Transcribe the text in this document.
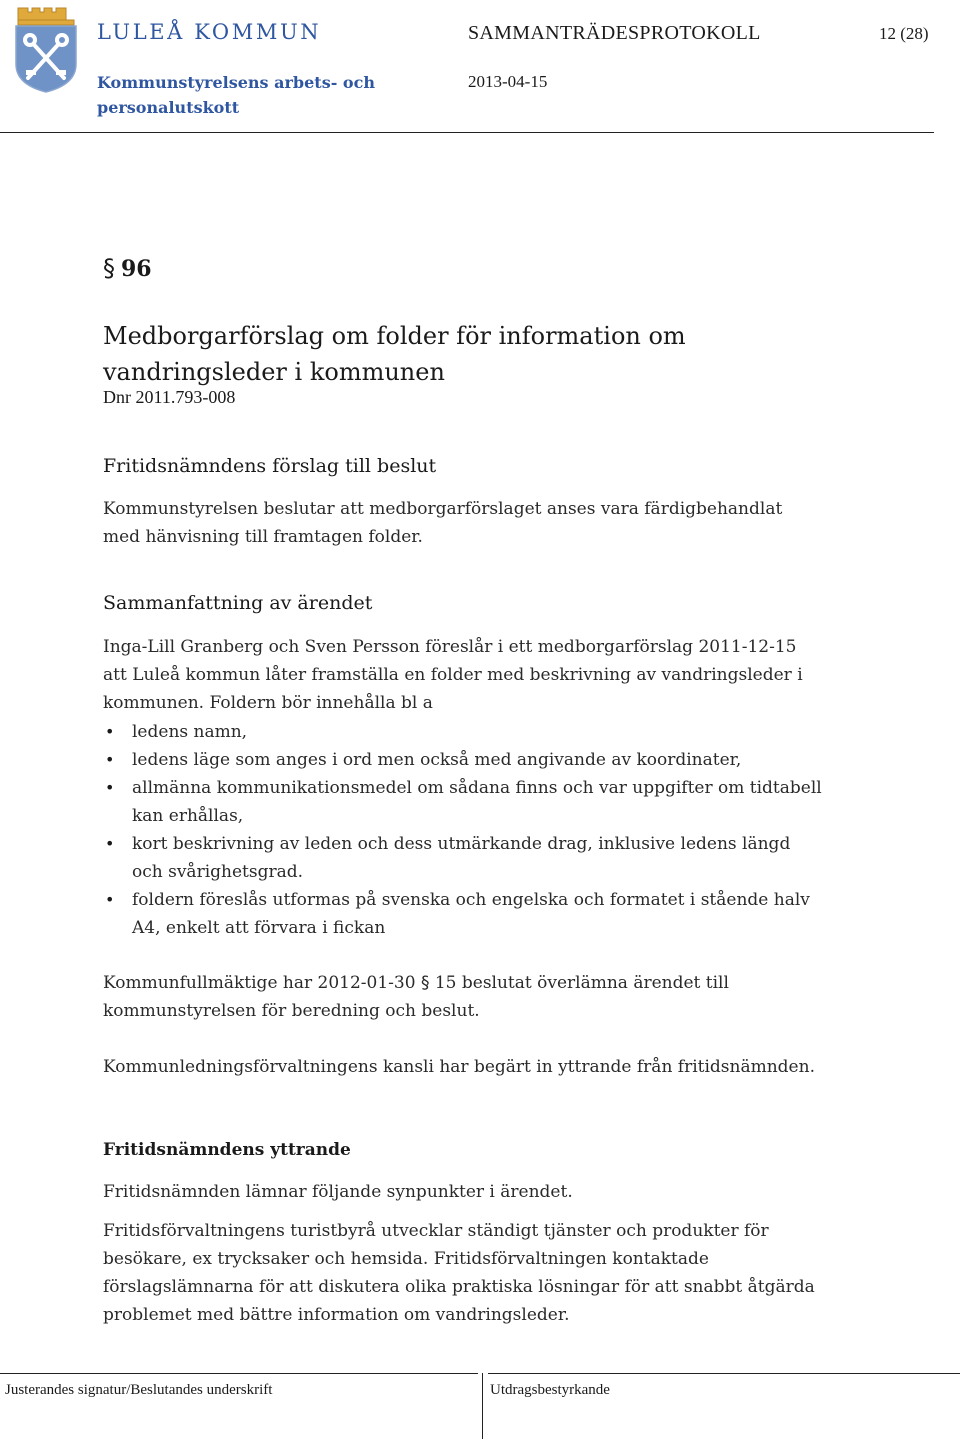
LULEÅ KOMMUN
Kommunstyrelsens arbets- och
personalutskott
SAMMANTRÄDESPROTOKOLL	12 (28)
2013-04-15
§ 96
Medborgarförslag om folder för information om vandringsleder i kommunen
Dnr 2011.793-008
Fritidsnämndens förslag till beslut

Kommunstyrelsen beslutar att medborgarförslaget anses vara färdigbehandlat med hänvisning till framtagen folder.

Sammanfattning av ärendet

Inga-Lill Granberg och Sven Persson föreslår i ett medborgarförslag 2011-12-15 att Luleå kommun låter framställa en folder med beskrivning av vandringsleder i kommunen. Foldern bör innehålla bl a

• ledens namn,
• ledens läge som anges i ord men också med angivande av koordinater,
• allmänna kommunikationsmedel om sådana finns och var uppgifter om tidtabell kan erhållas,
• kort beskrivning av leden och dess utmärkande drag, inklusive ledens längd och svårighetsgrad.
• foldern föreslås utformas på svenska och engelska och formatet i stående halv A4, enkelt att förvara i fickan

Kommunfullmäktige har 2012-01-30 § 15 beslutat överlämna ärendet till kommunstyrelsen för beredning och beslut.

Kommunledningsförvaltningens kansli har begärt in yttrande från fritidsnämnden.

Fritidsnämndens yttrande

Fritidsnämnden lämnar följande synpunkter i ärendet.

Fritidsförvaltningens turistbyrå utvecklar ständigt tjänster och produkter för besökare, ex trycksaker och hemsida. Fritidsförvaltningen kontaktade förslagslämnarna för att diskutera olika praktiska lösningar för att snabbt åtgärda problemet med bättre information om vandringsleder.

Justerandes signatur/Beslutandes underskrift	Utdragsbestyrkande
